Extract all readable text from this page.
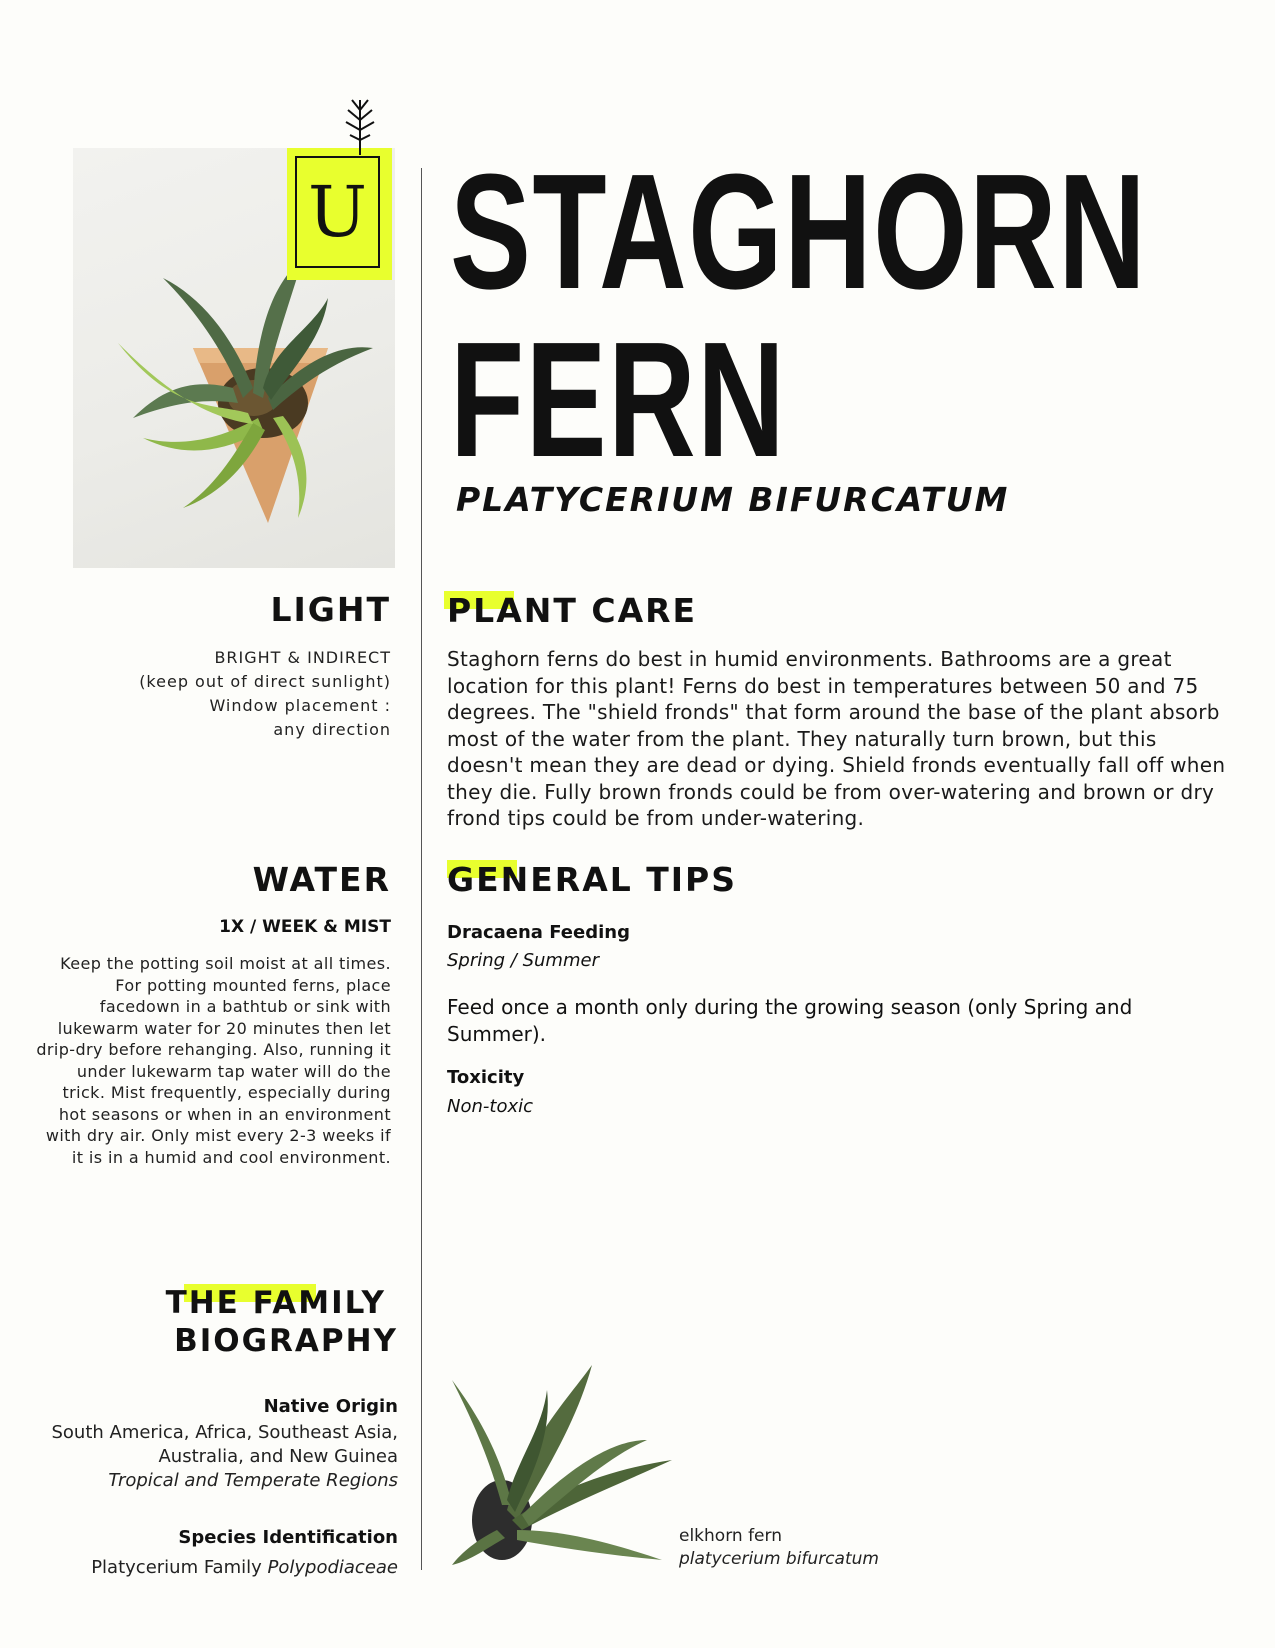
U STAGHORN
FERN
PLATYCERIUM BIFURCATUM
LIGHT
BRIGHT & INDIRECT
(keep out of direct sunlight)
Window placement :
any direction
PLANT CARE
Staghorn ferns do best in humid environments. Bathrooms are a great location for this plant! Ferns do best in temperatures between 50 and 75 degrees. The "shield fronds" that form around the base of the plant absorb most of the water from the plant. They naturally turn brown, but this doesn't mean they are dead or dying. Shield fronds eventually fall off when they die. Fully brown fronds could be from over-watering and brown or dry frond tips could be from under-watering.
WATER
1X / WEEK & MIST
Keep the potting soil moist at all times. For potting mounted ferns, place facedown in a bathtub or sink with lukewarm water for 20 minutes then let drip-dry before rehanging. Also, running it under lukewarm tap water will do the trick. Mist frequently, especially during hot seasons or when in an environment with dry air. Only mist every 2-3 weeks if it is in a humid and cool environment.
GENERAL TIPS
Dracaena Feeding
Spring / Summer
Feed once a month only during the growing season (only Spring and Summer).
Toxicity
Non-toxic
THE FAMILY
BIOGRAPHY
Native Origin
South America, Africa, Southeast Asia, Australia, and New Guinea
Tropical and Temperate Regions
Species Identification
Platycerium Family Polypodiaceae
elkhorn fern
platycerium bifurcatum
